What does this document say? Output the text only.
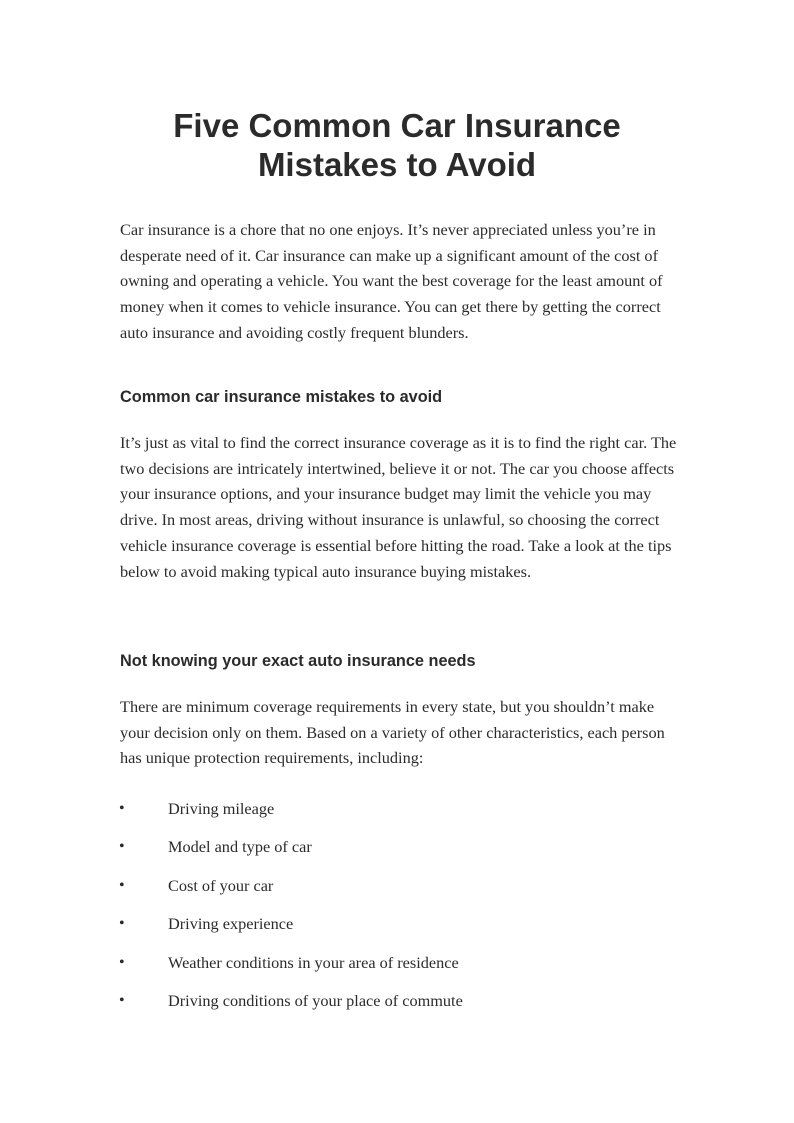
Five Common Car Insurance Mistakes to Avoid

Car insurance is a chore that no one enjoys. It’s never appreciated unless you’re in desperate need of it. Car insurance can make up a significant amount of the cost of owning and operating a vehicle. You want the best coverage for the least amount of money when it comes to vehicle insurance. You can get there by getting the correct auto insurance and avoiding costly frequent blunders.

Common car insurance mistakes to avoid

It’s just as vital to find the correct insurance coverage as it is to find the right car. The two decisions are intricately intertwined, believe it or not. The car you choose affects your insurance options, and your insurance budget may limit the vehicle you may drive. In most areas, driving without insurance is unlawful, so choosing the correct vehicle insurance coverage is essential before hitting the road. Take a look at the tips below to avoid making typical auto insurance buying mistakes.

Not knowing your exact auto insurance needs

There are minimum coverage requirements in every state, but you shouldn’t make your decision only on them. Based on a variety of other characteristics, each person has unique protection requirements, including:

•	Driving mileage
•	Model and type of car
•	Cost of your car
•	Driving experience
•	Weather conditions in your area of residence
•	Driving conditions of your place of commute
